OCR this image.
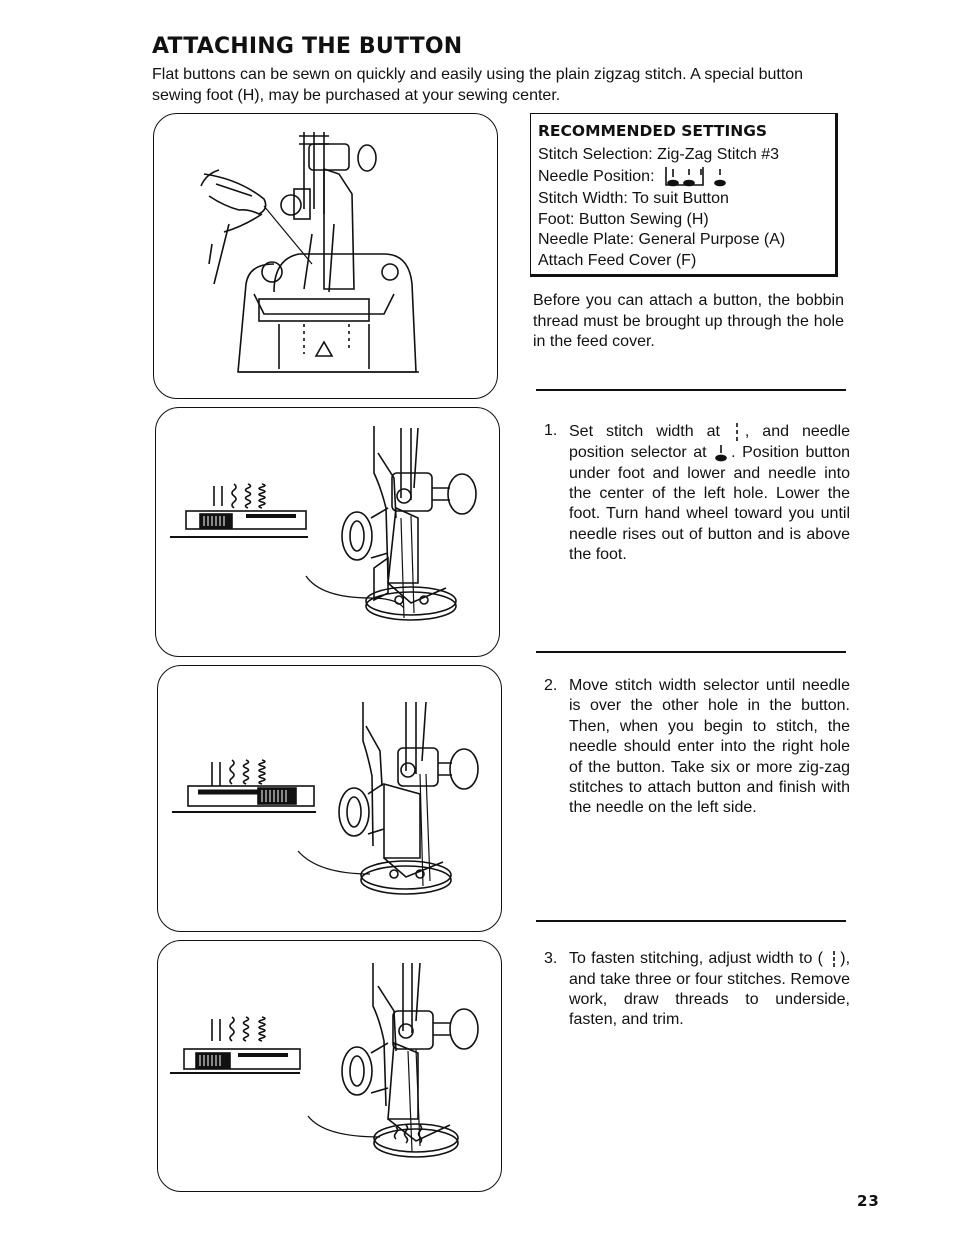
ATTACHING THE BUTTON

Flat buttons can be sewn on quickly and easily using the plain zigzag stitch. A special button sewing foot (H), may be purchased at your sewing center.

RECOMMENDED SETTINGS
Stitch Selection: Zig-Zag Stitch #3
Needle Position:
Stitch Width: To suit Button
Foot: Button Sewing (H)
Needle Plate: General Purpose (A)
Attach Feed Cover (F)

Before you can attach a button, the bobbin thread must be brought up through the hole in the feed cover.

1. Set stitch width at , and needle position selector at . Position button under foot and lower and needle into the center of the left hole. Lower the foot. Turn hand wheel toward you until needle rises out of button and is above the foot.
2. Move stitch width selector until needle is over the other hole in the button. Then, when you begin to stitch, the needle should enter into the right hole of the button. Take six or more zig-zag stitches to attach button and finish with the needle on the left side.
3. To fasten stitching, adjust width to ( ), and take three or four stitches. Remove work, draw threads to underside, fasten, and trim.
23
